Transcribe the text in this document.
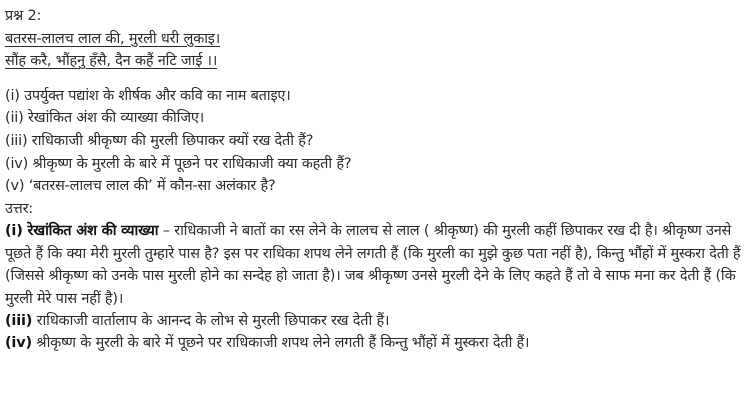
प्रश्न 2:
बतरस-लालच लाल की, मुरली धरी लुकाइ।
सौंह करै, भौंहनु हँसै, दैन कहैं नटि जाई ।।
(i) उपर्युक्त पद्यांश के शीर्षक और कवि का नाम बताइए।
(ii) रेखांकित अंश की व्याख्या कीजिए।
(iii) राधिकाजी श्रीकृष्ण की मुरली छिपाकर क्यों रख देती हैं?
(iv) श्रीकृष्ण के मुरली के बारे में पूछने पर राधिकाजी क्या कहती हैं?
(v) ‘बतरस-लालच लाल की’ में कौन-सा अलंकार है?
उत्तर:
(i) रेखांकित अंश की व्याख्या – राधिकाजी ने बातों का रस लेने के लालच से लाल ( श्रीकृष्ण) की मुरली कहीं छिपाकर रख दी है। श्रीकृष्ण उनसे पूछते हैं कि क्या मेरी मुरली तुम्हारे पास है? इस पर राधिका शपथ लेने लगती हैं (कि मुरली का मुझे कुछ पता नहीं है), किन्तु भौंहों में मुस्करा देती हैं (जिससे श्रीकृष्ण को उनके पास मुरली होने का सन्देह हो जाता है)। जब श्रीकृष्ण उनसे मुरली देने के लिए कहते हैं तो वे साफ मना कर देती हैं (कि मुरली मेरे पास नहीं है)।
(iii) राधिकाजी वार्तालाप के आनन्द के लोभ से मुरली छिपाकर रख देती हैं।
(iv) श्रीकृष्ण के मुरली के बारे में पूछने पर राधिकाजी शपथ लेने लगती हैं किन्तु भौंहों में मुस्करा देती हैं।
